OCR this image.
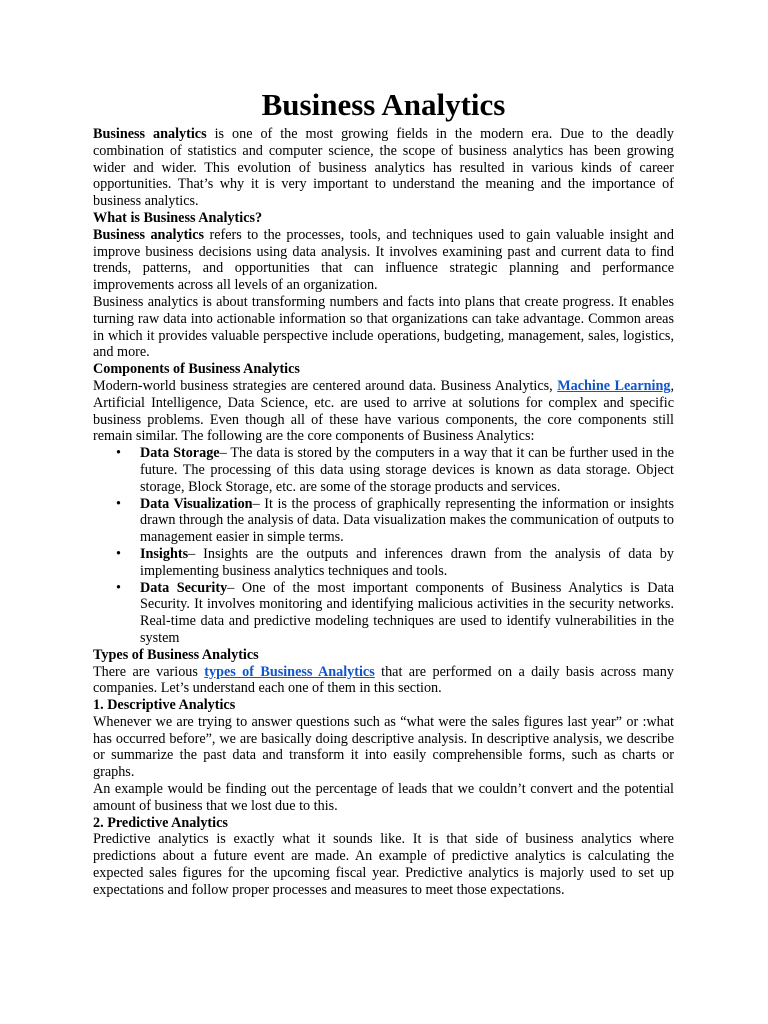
Business Analytics

Business analytics is one of the most growing fields in the modern era. Due to the deadly combination of statistics and computer science, the scope of business analytics has been growing wider and wider. This evolution of business analytics has resulted in various kinds of career opportunities. That’s why it is very important to understand the meaning and the importance of business analytics.

What is Business Analytics?

Business analytics refers to the processes, tools, and techniques used to gain valuable insight and improve business decisions using data analysis. It involves examining past and current data to find trends, patterns, and opportunities that can influence strategic planning and performance improvements across all levels of an organization.

Business analytics is about transforming numbers and facts into plans that create progress. It enables turning raw data into actionable information so that organizations can take advantage. Common areas in which it provides valuable perspective include operations, budgeting, management, sales, logistics, and more.

Components of Business Analytics

Modern-world business strategies are centered around data. Business Analytics, Machine Learning, Artificial Intelligence, Data Science, etc. are used to arrive at solutions for complex and specific business problems. Even though all of these have various components, the core components still remain similar. The following are the core components of Business Analytics:

• Data Storage– The data is stored by the computers in a way that it can be further used in the future. The processing of this data using storage devices is known as data storage. Object storage, Block Storage, etc. are some of the storage products and services.
• Data Visualization– It is the process of graphically representing the information or insights drawn through the analysis of data. Data visualization makes the communication of outputs to management easier in simple terms.
• Insights– Insights are the outputs and inferences drawn from the analysis of data by implementing business analytics techniques and tools.
• Data Security– One of the most important components of Business Analytics is Data Security. It involves monitoring and identifying malicious activities in the security networks. Real-time data and predictive modeling techniques are used to identify vulnerabilities in the system
Types of Business Analytics

There are various types of Business Analytics that are performed on a daily basis across many companies. Let’s understand each one of them in this section.

1. Descriptive Analytics

Whenever we are trying to answer questions such as “what were the sales figures last year” or :what has occurred before”, we are basically doing descriptive analysis. In descriptive analysis, we describe or summarize the past data and transform it into easily comprehensible forms, such as charts or graphs.

An example would be finding out the percentage of leads that we couldn’t convert and the potential amount of business that we lost due to this.

2. Predictive Analytics

Predictive analytics is exactly what it sounds like. It is that side of business analytics where predictions about a future event are made. An example of predictive analytics is calculating the expected sales figures for the upcoming fiscal year. Predictive analytics is majorly used to set up expectations and follow proper processes and measures to meet those expectations.
